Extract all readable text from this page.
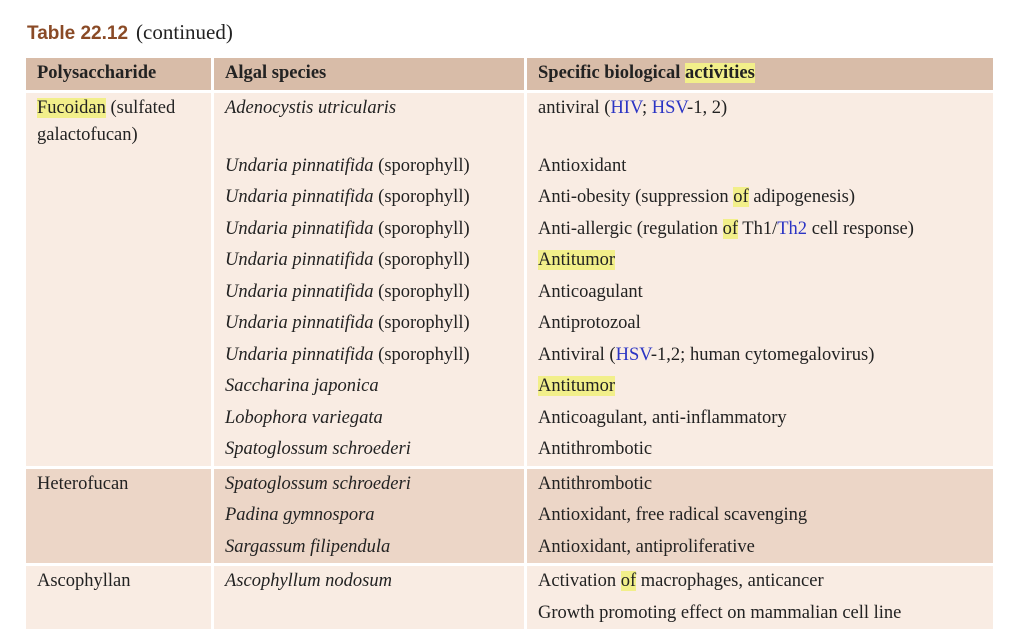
Table 22.12 (continued)
Polysaccharide	Algal species	Specific biological activities
Fucoidan (sulfated galactofucan)	Adenocystis utricularis	antiviral (HIV; HSV-1, 2)
	Undaria pinnatifida (sporophyll)	Antioxidant
	Undaria pinnatifida (sporophyll)	Anti-obesity (suppression of adipogenesis)
	Undaria pinnatifida (sporophyll)	Anti-allergic (regulation of Th1/Th2 cell response)
	Undaria pinnatifida (sporophyll)	Antitumor
	Undaria pinnatifida (sporophyll)	Anticoagulant
	Undaria pinnatifida (sporophyll)	Antiprotozoal
	Undaria pinnatifida (sporophyll)	Antiviral (HSV-1,2; human cytomegalovirus)
	Saccharina japonica	Antitumor
	Lobophora variegata	Anticoagulant, anti-inflammatory
	Spatoglossum schroederi	Antithrombotic
Heterofucan	Spatoglossum schroederi	Antithrombotic
	Padina gymnospora	Antioxidant, free radical scavenging
	Sargassum filipendula	Antioxidant, antiproliferative
Ascophyllan	Ascophyllum nodosum	Activation of macrophages, anticancer
		Growth promoting effect on mammalian cell line
